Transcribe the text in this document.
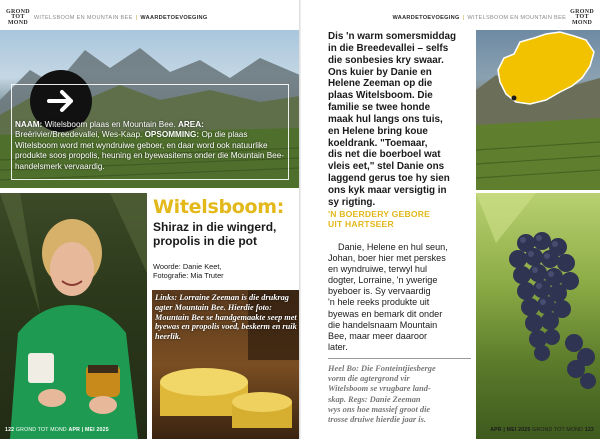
GROND
TOT
MOND
WITELSBOOM EN MOUNTAIN BEE | WAARDETOEVOEGING
NAAM: Witelsboom plaas en Mountain Bee. AREA: Breërivier/Breedevallei, Wes-Kaap. OPSOMMING: Op die plaas Witelsboom word met wyndruiwe geboer, en daar word ook natuurlike produkte soos propolis, heuning en byewasitems onder die Mountain Bee-handelsmerk vervaardig.
Witelsboom:
Shiraz in die wingerd, propolis in die pot
Woorde: Danie Keet,
Fotografie: Mia Truter
Links: Lorraine Zeeman is die drukrag agter Mountain Bee. Hierdie foto: Mountain Bee se handgemaakte seep met byewas en propolis voed, beskerm en ruik heerlik.
122 GROND TOT MOND APR | MEI 2025
WAARDETOEVOEGING | WITELSBOOM EN MOUNTAIN BEE
GROND
TOT
MOND
Dis 'n warm somersmiddag
in die Breedevallei – selfs
die sonbesies kry swaar.
Ons kuier by Danie en
Helene Zeeman op die
plaas Witelsboom. Die
familie se twee honde
maak hul langs ons tuis,
en Helene bring koue
koeldrank. "Toemaar,
dis net die boerboel wat
vleis eet," stel Danie ons
laggend gerus toe hy sien
ons kyk maar versigtig in
sy rigting.
'N BOERDERY GEBORE
UIT HARTSEER
Danie, Helene en hul seun,
Johan, boer hier met perskes
en wyndruiwe, terwyl hul
dogter, Lorraine, 'n ywerige
byeboer is. Sy vervaardig
'n hele reeks produkte uit
byewas en bemark dit onder
die handelsnaam Mountain
Bee, maar meer daaroor
later.
Heel Bo: Die Fonteintjiesberge
vorm die agtergrond vir
Witelsboom se vrugbare land-
skap. Regs: Danie Zeeman
wys ons hoe massief groot die
trosse druiwe hierdie jaar is.
APR | MEI 2025 GROND TOT MOND 123
